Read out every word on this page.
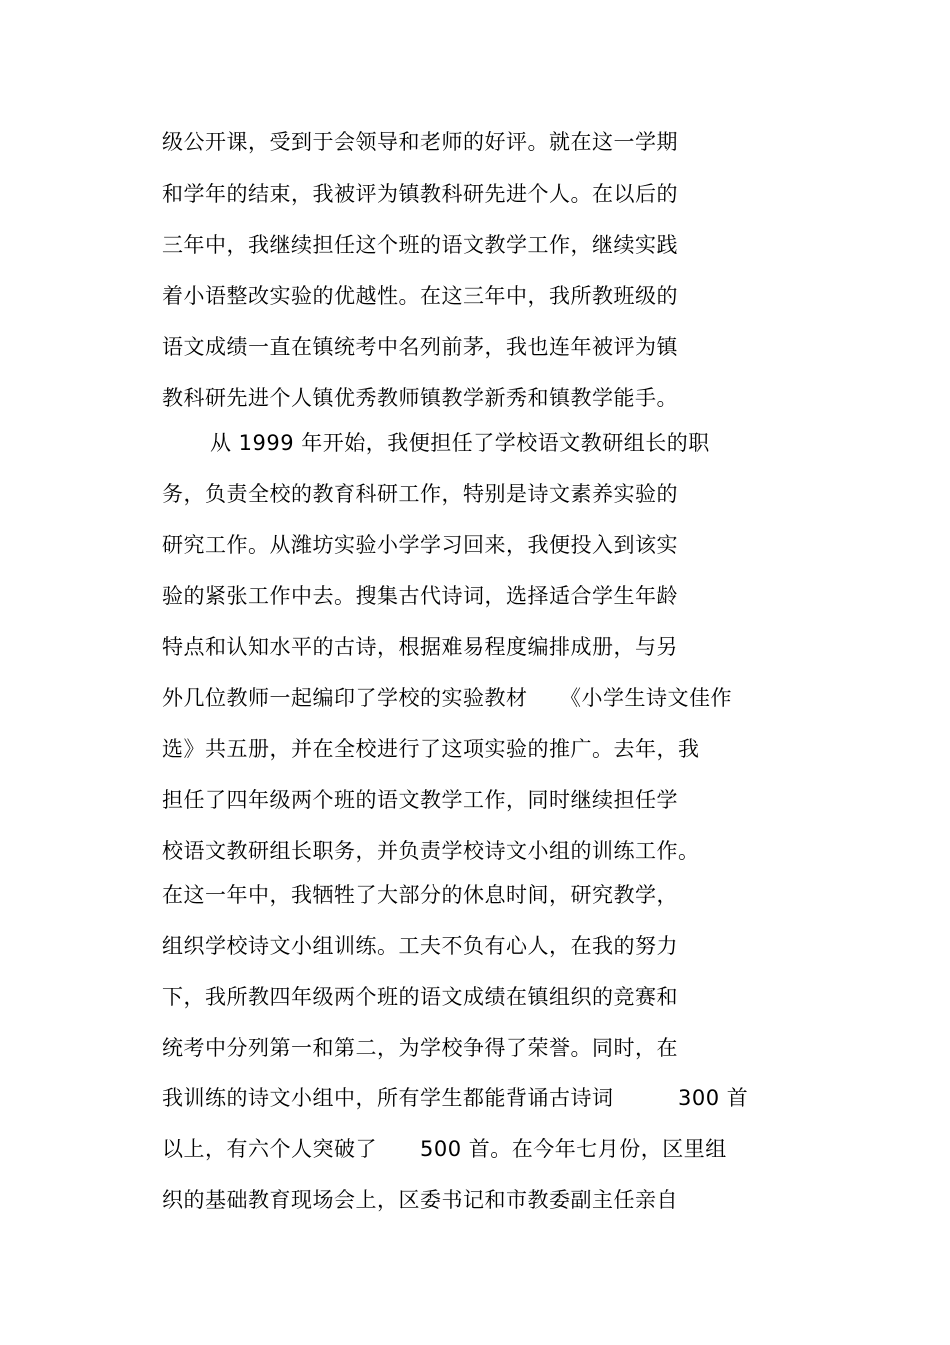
级公开课，受到于会领导和老师的好评。就在这一学期
和学年的结束，我被评为镇教科研先进个人。在以后的
三年中，我继续担任这个班的语文教学工作，继续实践
着小语整改实验的优越性。在这三年中，我所教班级的
语文成绩一直在镇统考中名列前茅，我也连年被评为镇
教科研先进个人镇优秀教师镇教学新秀和镇教学能手。
从 1999 年开始，我便担任了学校语文教研组长的职
务，负责全校的教育科研工作，特别是诗文素养实验的
研究工作。从潍坊实验小学学习回来，我便投入到该实
验的紧张工作中去。搜集古代诗词，选择适合学生年龄
特点和认知水平的古诗，根据难易程度编排成册，与另
外几位教师一起编印了学校的实验教材　　《小学生诗文佳作
选》共五册，并在全校进行了这项实验的推广。去年，我
担任了四年级两个班的语文教学工作，同时继续担任学
校语文教研组长职务，并负责学校诗文小组的训练工作。
在这一年中，我牺牲了大部分的休息时间，研究教学，
组织学校诗文小组训练。工夫不负有心人，在我的努力
下，我所教四年级两个班的语文成绩在镇组织的竞赛和
统考中分列第一和第二，为学校争得了荣誉。同时，在
我训练的诗文小组中，所有学生都能背诵古诗词　　　300 首
以上，有六个人突破了　　500 首。在今年七月份，区里组
织的基础教育现场会上，区委书记和市教委副主任亲自
